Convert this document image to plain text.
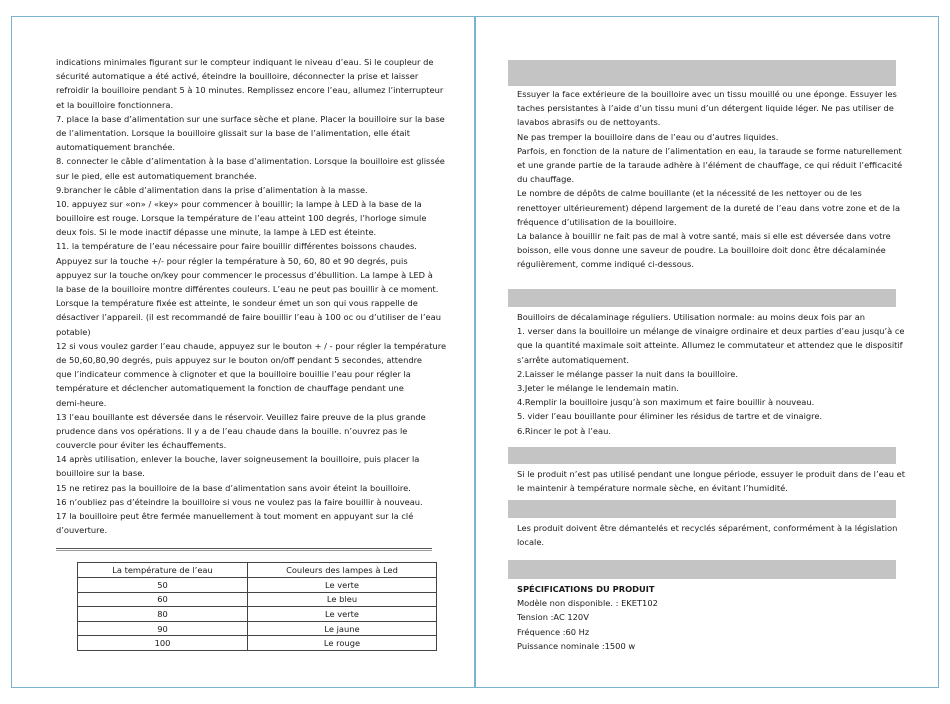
indications minimales figurant sur le compteur indiquant le niveau d’eau. Si le coupleur de
sécurité automatique a été activé, éteindre la bouilloire, déconnecter la prise et laisser
refroidir la bouilloire pendant 5 à 10 minutes. Remplissez encore l’eau, allumez l’interrupteur
et la bouilloire fonctionnera.
7. place la base d’alimentation sur une surface sèche et plane. Placer la bouilloire sur la base
de l’alimentation. Lorsque la bouilloire glissait sur la base de l’alimentation, elle était
automatiquement branchée.
8. connecter le câble d’alimentation à la base d’alimentation. Lorsque la bouilloire est glissée
sur le pied, elle est automatiquement branchée.
9.brancher le câble d’alimentation dans la prise d’alimentation à la masse.
10. appuyez sur «on» / «key» pour commencer à bouillir; la lampe à LED à la base de la
bouilloire est rouge. Lorsque la température de l’eau atteint 100 degrés, l’horloge simule
deux fois. Si le mode inactif dépasse une minute, la lampe à LED est éteinte.
11. la température de l’eau nécessaire pour faire bouillir différentes boissons chaudes.
Appuyez sur la touche +/- pour régler la température à 50, 60, 80 et 90 degrés, puis
appuyez sur la touche on/key pour commencer le processus d’ébullition. La lampe à LED à
la base de la bouilloire montre différentes couleurs. L’eau ne peut pas bouillir à ce moment.
Lorsque la température fixée est atteinte, le sondeur émet un son qui vous rappelle de
désactiver l’appareil. (il est recommandé de faire bouillir l’eau à 100 oc ou d’utiliser de l’eau
potable)
12 si vous voulez garder l’eau chaude, appuyez sur le bouton + / - pour régler la température
de 50,60,80,90 degrés, puis appuyez sur le bouton on/off pendant 5 secondes, attendre
que l’indicateur commence à clignoter et que la bouilloire bouillie l’eau pour régler la
température et déclencher automatiquement la fonction de chauffage pendant une
demi-heure.
13 l’eau bouillante est déversée dans le réservoir. Veuillez faire preuve de la plus grande
prudence dans vos opérations. Il y a de l’eau chaude dans la bouille. n’ouvrez pas le
couvercle pour éviter les échauffements.
14 après utilisation, enlever la bouche, laver soigneusement la bouilloire, puis placer la
bouilloire sur la base.
15 ne retirez pas la bouilloire de la base d’alimentation sans avoir éteint la bouilloire.
16 n’oubliez pas d’éteindre la bouilloire si vous ne voulez pas la faire bouillir à nouveau.
17 la bouilloire peut être fermée manuellement à tout moment en appuyant sur la clé
d’ouverture.
La température de l’eau	Couleurs des lampes à Led
50	Le verte
60	Le bleu
80	Le verte
90	Le jaune
100	Le rouge
Essuyer la face extérieure de la bouilloire avec un tissu mouillé ou une éponge. Essuyer les
taches persistantes à l’aide d’un tissu muni d’un détergent liquide léger. Ne pas utiliser de
lavabos abrasifs ou de nettoyants.
Ne pas tremper la bouilloire dans de l’eau ou d’autres liquides.
Parfois, en fonction de la nature de l’alimentation en eau, la taraude se forme naturellement
et une grande partie de la taraude adhère à l’élément de chauffage, ce qui réduit l’efficacité
du chauffage.
Le nombre de dépôts de calme bouillante (et la nécessité de les nettoyer ou de les
renettoyer ultérieurement) dépend largement de la dureté de l’eau dans votre zone et de la
fréquence d’utilisation de la bouilloire.
La balance à bouillir ne fait pas de mal à votre santé, mais si elle est déversée dans votre
boisson, elle vous donne une saveur de poudre. La bouilloire doit donc être décalaminée
régulièrement, comme indiqué ci-dessous.
Bouilloirs de décalaminage réguliers. Utilisation normale: au moins deux fois par an
1. verser dans la bouilloire un mélange de vinaigre ordinaire et deux parties d’eau jusqu’à ce
que la quantité maximale soit atteinte. Allumez le commutateur et attendez que le dispositif
s’arrête automatiquement.
2.Laisser le mélange passer la nuit dans la bouilloire.
3.Jeter le mélange le lendemain matin.
4.Remplir la bouilloire jusqu’à son maximum et faire bouillir à nouveau.
5. vider l’eau bouillante pour éliminer les résidus de tartre et de vinaigre.
6.Rincer le pot à l’eau.
Si le produit n’est pas utilisé pendant une longue période, essuyer le produit dans de l’eau et
le maintenir à température normale sèche, en évitant l’humidité.
Les produit doivent être démantelés et recyclés séparément, conformément à la législation
locale.
SPÉCIFICATIONS DU PRODUIT
Modèle non disponible. : EKET102
Tension :AC 120V
Fréquence :60 Hz
Puissance nominale :1500 w
